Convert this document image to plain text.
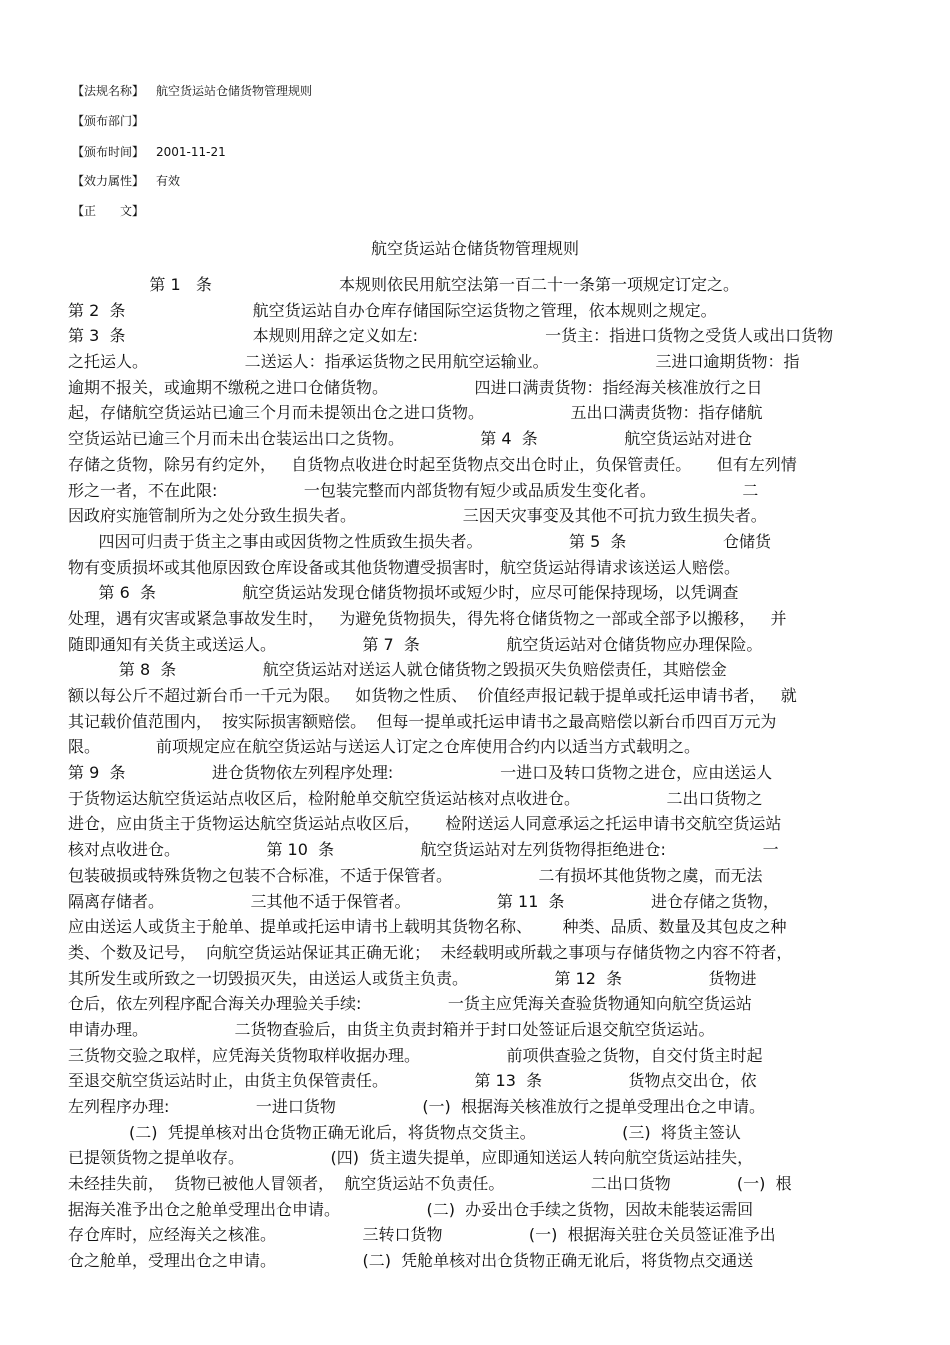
【法规名称】 航空货运站仓储货物管理规则
【颁布部门】
【颁布时间】 2001-11-21
【效力属性】 有效
【正　　文】
航空货运站仓储货物管理规则
第 1   条                         本规则依民用航空法第一百二十一条第一项规定订定之。
第 2  条                         航空货运站自办仓库存储国际空运货物之管理，依本规则之规定。
第 3  条                         本规则用辞之定义如左:                         一货主：指进口货物之受货人或出口货物
之托运人。                   二送运人：指承运货物之民用航空运输业。                     三进口逾期货物：指
逾期不报关，或逾期不缴税之进口仓储货物。                 四进口满责货物：指经海关核准放行之日
起，存储航空货运站已逾三个月而未提领出仓之进口货物。                 五出口满责货物：指存储航
空货运站已逾三个月而未出仓装运出口之货物。               第 4  条                 航空货运站对进仓
存储之货物，除另有约定外，   自货物点收进仓时起至货物点交出仓时止，负保管责任。     但有左列情
形之一者，不在此限:                 一包装完整而内部货物有短少或品质发生变化者。                 二
因政府实施管制所为之处分致生损失者。                     三因天灾事变及其他不可抗力致生损失者。
四因可归责于货主之事由或因货物之性质致生损失者。                 第 5  条                   仓储货
物有变质损坏或其他原因致仓库设备或其他货物遭受损害时，航空货运站得请求该送运人赔偿。
第 6  条                 航空货运站发现仓储货物损坏或短少时，应尽可能保持现场，以凭调查
处理，遇有灾害或紧急事故发生时，   为避免货物损失，得先将仓储货物之一部或全部予以搬移，   并
随即通知有关货主或送运人。                 第 7  条                 航空货运站对仓储货物应办理保险。
第 8  条                 航空货运站对送运人就仓储货物之毁损灭失负赔偿责任，其赔偿金
额以每公斤不超过新台币一千元为限。   如货物之性质、  价值经声报记载于提单或托运申请书者，   就
其记载价值范围内，  按实际损害额赔偿。  但每一提单或托运申请书之最高赔偿以新台币四百万元为
限。           前项规定应在航空货运站与送运人订定之仓库使用合约内以适当方式载明之。
第 9  条                 进仓货物依左列程序处理:                     一进口及转口货物之进仓，应由送运人
于货物运达航空货运站点收区后，检附舱单交航空货运站核对点收进仓。                 二出口货物之
进仓，应由货主于货物运达航空货运站点收区后，     检附送运人同意承运之托运申请书交航空货运站
核对点收进仓。                 第 10  条                 航空货运站对左列货物得拒绝进仓:                   一
包装破损或特殊货物之包装不合标准，不适于保管者。                 二有损坏其他货物之虞，而无法
隔离存储者。                 三其他不适于保管者。                 第 11  条                 进仓存储之货物，
应由送运人或货主于舱单、提单或托运申请书上载明其货物名称、      种类、品质、数量及其包皮之种
类、个数及记号，  向航空货运站保证其正确无讹；  未经载明或所载之事项与存储货物之内容不符者，
其所发生或所致之一切毁损灭失，由送运人或货主负责。                 第 12  条                 货物进
仓后，依左列程序配合海关办理验关手续:                 一货主应凭海关查验货物通知向航空货运站
申请办理。                 二货物查验后，由货主负责封箱并于封口处签证后退交航空货运站。
三货物交验之取样，应凭海关货物取样收据办理。                 前项供查验之货物，自交付货主时起
至退交航空货运站时止，由货主负保管责任。                 第 13  条                 货物点交出仓，依
左列程序办理:                 一进口货物                 (一)  根据海关核准放行之提单受理出仓之申请。
(二)  凭提单核对出仓货物正确无讹后，将货物点交货主。                 (三)  将货主签认
已提领货物之提单收存。                 (四)  货主遗失提单，应即通知送运人转向航空货运站挂失，
未经挂失前，  货物已被他人冒领者，  航空货运站不负责任。                 二出口货物             (一)  根
据海关准予出仓之舱单受理出仓申请。                 (二)  办妥出仓手续之货物，因故未能装运需回
存仓库时，应经海关之核准。                 三转口货物                 (一)  根据海关驻仓关员签证准予出
仓之舱单，受理出仓之申请。                 (二)  凭舱单核对出仓货物正确无讹后，将货物点交通送
